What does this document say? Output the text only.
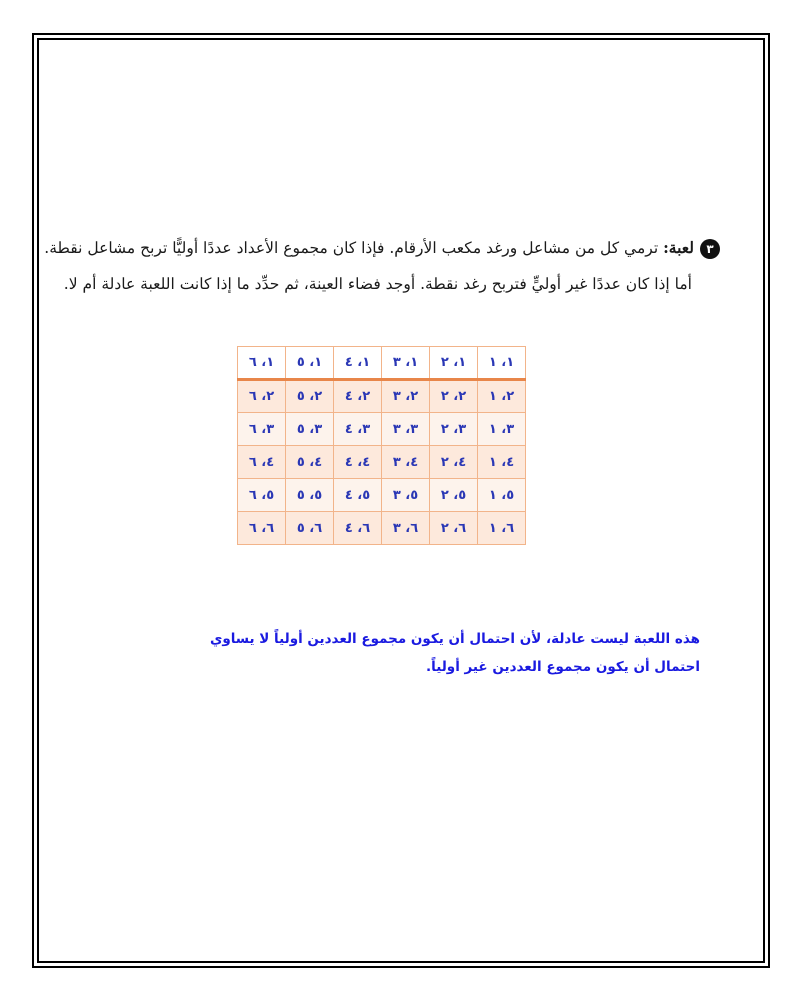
٣لعبة: ترمي كل من مشاعل ورغد مكعب الأرقام. فإذا كان مجموع الأعداد عددًا أوليًّا تربح مشاعل نقطة.
أما إذا كان عددًا غير أوليٍّ فتربح رغد نقطة. أوجد فضاء العينة، ثم حدِّد ما إذا كانت اللعبة عادلة أم لا.
١، ١	١، ٢	١، ٣	١، ٤	١، ٥	١، ٦
٢، ١	٢، ٢	٢، ٣	٢، ٤	٢، ٥	٢، ٦
٣، ١	٣، ٢	٣، ٣	٣، ٤	٣، ٥	٣، ٦
٤، ١	٤، ٢	٤، ٣	٤، ٤	٤، ٥	٤، ٦
٥، ١	٥، ٢	٥، ٣	٥، ٤	٥، ٥	٥، ٦
٦، ١	٦، ٢	٦، ٣	٦، ٤	٦، ٥	٦، ٦
هذه اللعبة ليست عادلة، لأن احتمال أن يكون مجموع العددين أولياً لا يساوي
احتمال أن يكون مجموع العددين غير أولياً.
